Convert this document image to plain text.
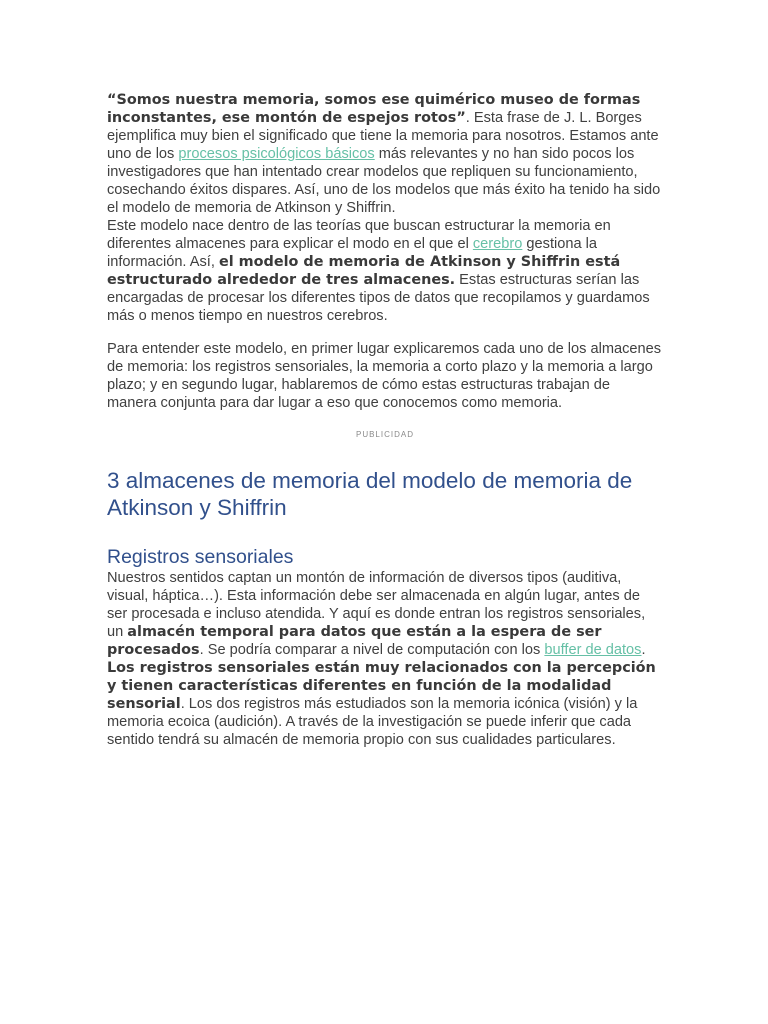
“Somos nuestra memoria, somos ese quimérico museo de formas inconstantes, ese montón de espejos rotos”. Esta frase de J. L. Borges ejemplifica muy bien el significado que tiene la memoria para nosotros. Estamos ante uno de los procesos psicológicos básicos más relevantes y no han sido pocos los investigadores que han intentado crear modelos que repliquen su funcionamiento, cosechando éxitos dispares. Así, uno de los modelos que más éxito ha tenido ha sido el modelo de memoria de Atkinson y Shiffrin.

Este modelo nace dentro de las teorías que buscan estructurar la memoria en diferentes almacenes para explicar el modo en el que el cerebro gestiona la información. Así, el modelo de memoria de Atkinson y Shiffrin está estructurado alrededor de tres almacenes. Estas estructuras serían las encargadas de procesar los diferentes tipos de datos que recopilamos y guardamos más o menos tiempo en nuestros cerebros.

Para entender este modelo, en primer lugar explicaremos cada uno de los almacenes de memoria: los registros sensoriales, la memoria a corto plazo y la memoria a largo plazo; y en segundo lugar, hablaremos de cómo estas estructuras trabajan de manera conjunta para dar lugar a eso que conocemos como memoria.

PUBLICIDAD
3 almacenes de memoria del modelo de memoria de Atkinson y Shiffrin
Registros sensoriales

Nuestros sentidos captan un montón de información de diversos tipos (auditiva, visual, háptica…). Esta información debe ser almacenada en algún lugar, antes de ser procesada e incluso atendida. Y aquí es donde entran los registros sensoriales, un almacén temporal para datos que están a la espera de ser procesados. Se podría comparar a nivel de computación con los buffer de datos.

Los registros sensoriales están muy relacionados con la percepción y tienen características diferentes en función de la modalidad sensorial. Los dos registros más estudiados son la memoria icónica (visión) y la memoria ecoica (audición). A través de la investigación se puede inferir que cada sentido tendrá su almacén de memoria propio con sus cualidades particulares.
